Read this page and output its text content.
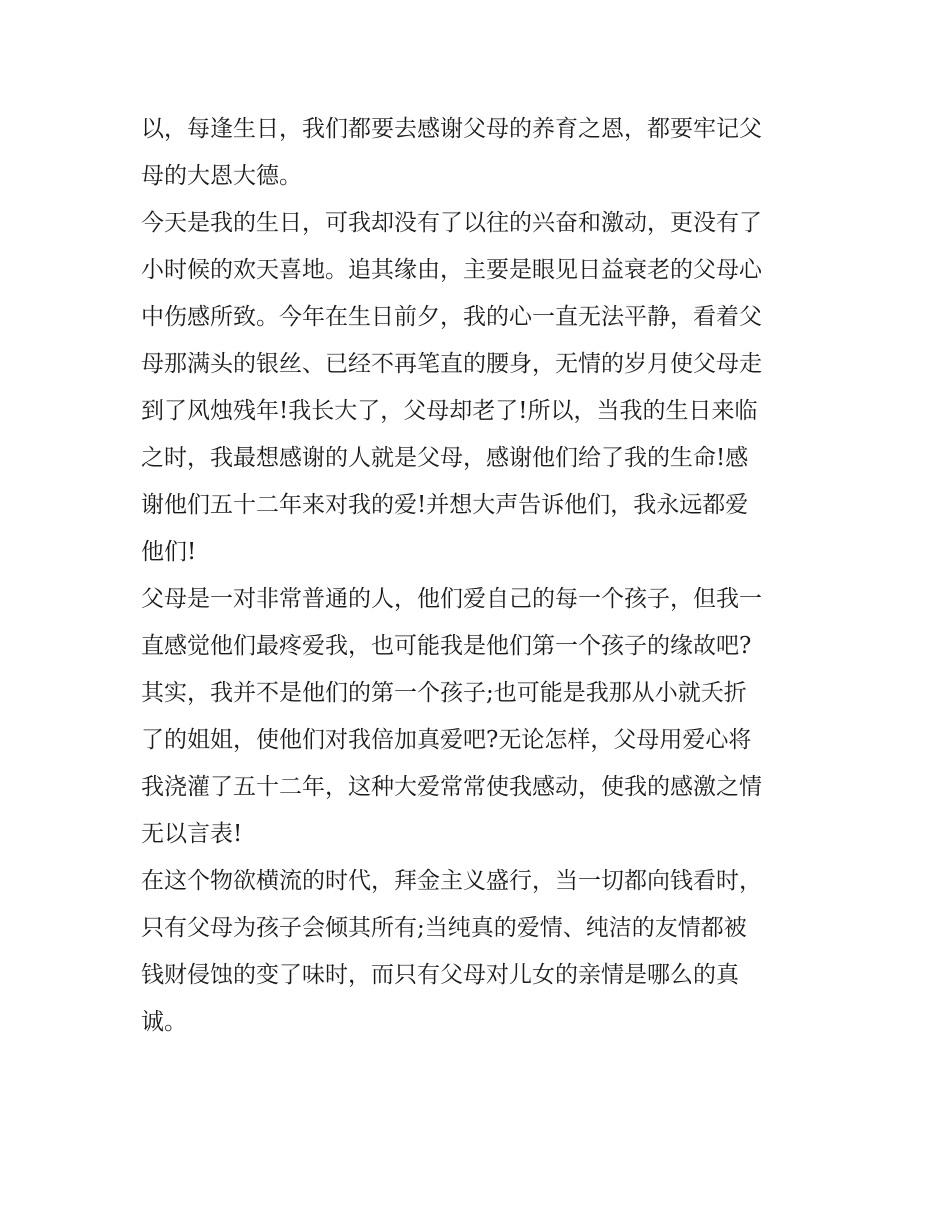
以，每逢生日，我们都要去感谢父母的养育之恩，都要牢记父
母的大恩大德。
今天是我的生日，可我却没有了以往的兴奋和激动，更没有了
小时候的欢天喜地。追其缘由，主要是眼见日益衰老的父母心
中伤感所致。今年在生日前夕，我的心一直无法平静，看着父
母那满头的银丝、已经不再笔直的腰身，无情的岁月使父母走
到了风烛残年!我长大了，父母却老了!所以，当我的生日来临
之时，我最想感谢的人就是父母，感谢他们给了我的生命!感
谢他们五十二年来对我的爱!并想大声告诉他们，我永远都爱
他们!
父母是一对非常普通的人，他们爱自己的每一个孩子，但我一
直感觉他们最疼爱我，也可能我是他们第一个孩子的缘故吧?
其实，我并不是他们的第一个孩子;也可能是我那从小就夭折
了的姐姐，使他们对我倍加真爱吧?无论怎样，父母用爱心将
我浇灌了五十二年，这种大爱常常使我感动，使我的感激之情
无以言表!
在这个物欲横流的时代，拜金主义盛行，当一切都向钱看时，
只有父母为孩子会倾其所有;当纯真的爱情、纯洁的友情都被
钱财侵蚀的变了味时，而只有父母对儿女的亲情是哪么的真
诚。
